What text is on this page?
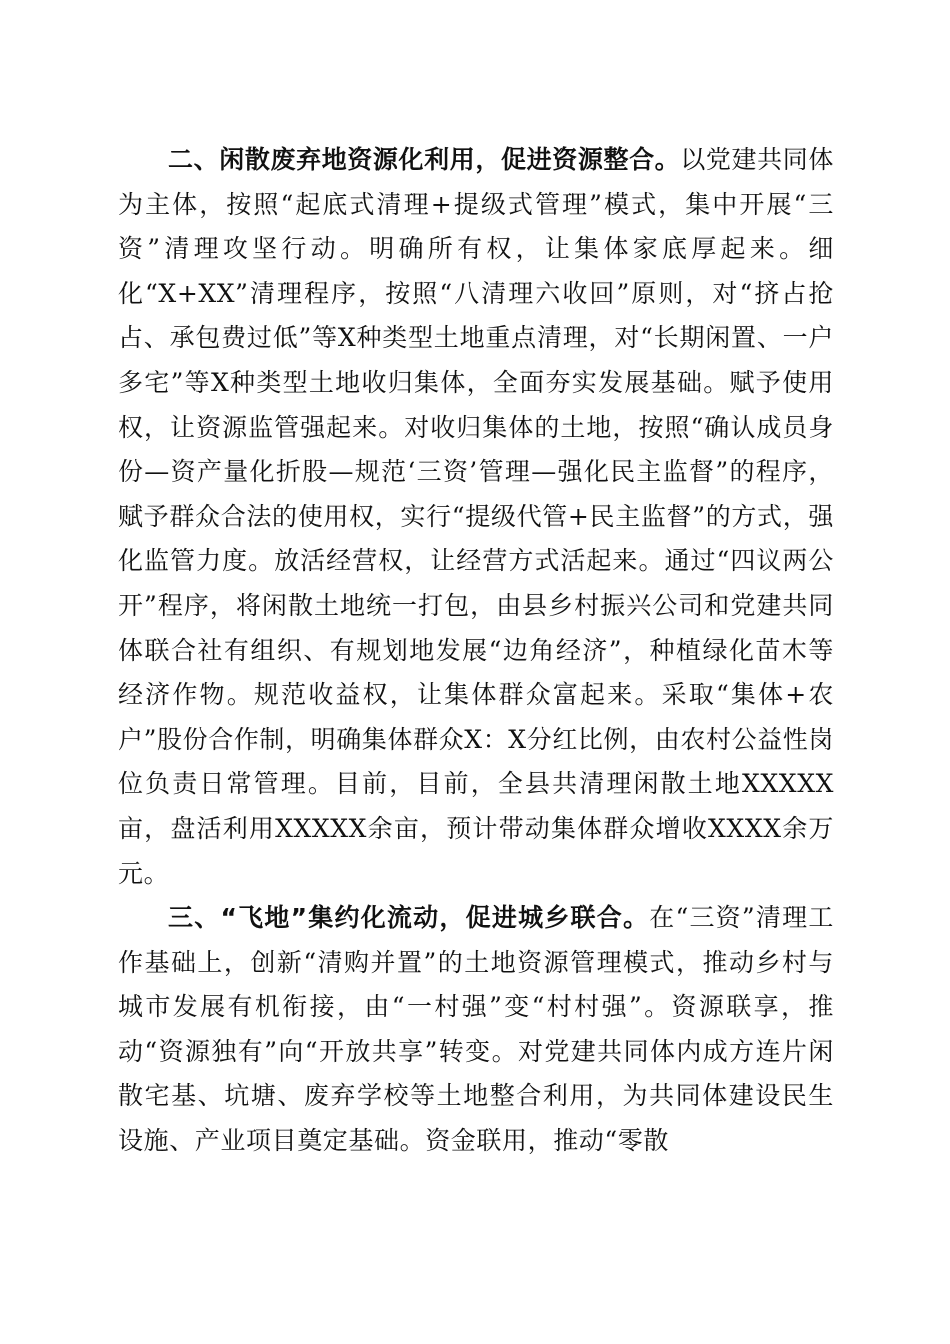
二、闲散废弃地资源化利用，促进资源整合。以党建共同体为主体，按照“起底式清理+提级式管理”模式，集中开展“三资”清理攻坚行动。明确所有权，让集体家底厚起来。细化“X+XX”清理程序，按照“八清理六收回”原则，对“挤占抢占、承包费过低”等X种类型土地重点清理，对“长期闲置、一户多宅”等X种类型土地收归集体，全面夯实发展基础。赋予使用权，让资源监管强起来。对收归集体的土地，按照“确认成员身份—资产量化折股—规范‘三资’管理—强化民主监督”的程序，赋予群众合法的使用权，实行“提级代管+民主监督”的方式，强化监管力度。放活经营权，让经营方式活起来。通过“四议两公开”程序，将闲散土地统一打包，由县乡村振兴公司和党建共同体联合社有组织、有规划地发展“边角经济”，种植绿化苗木等经济作物。规范收益权，让集体群众富起来。采取“集体+农户”股份合作制，明确集体群众X：X分红比例，由农村公益性岗位负责日常管理。目前，目前，全县共清理闲散土地XXXXX亩，盘活利用XXXXX余亩，预计带动集体群众增收XXXX余万元。

三、“飞地”集约化流动，促进城乡联合。在“三资”清理工作基础上，创新“清购并置”的土地资源管理模式，推动乡村与城市发展有机衔接，由“一村强”变“村村强”。资源联享，推动“资源独有”向“开放共享”转变。对党建共同体内成方连片闲散宅基、坑塘、废弃学校等土地整合利用，为共同体建设民生设施、产业项目奠定基础。资金联用，推动“零散
